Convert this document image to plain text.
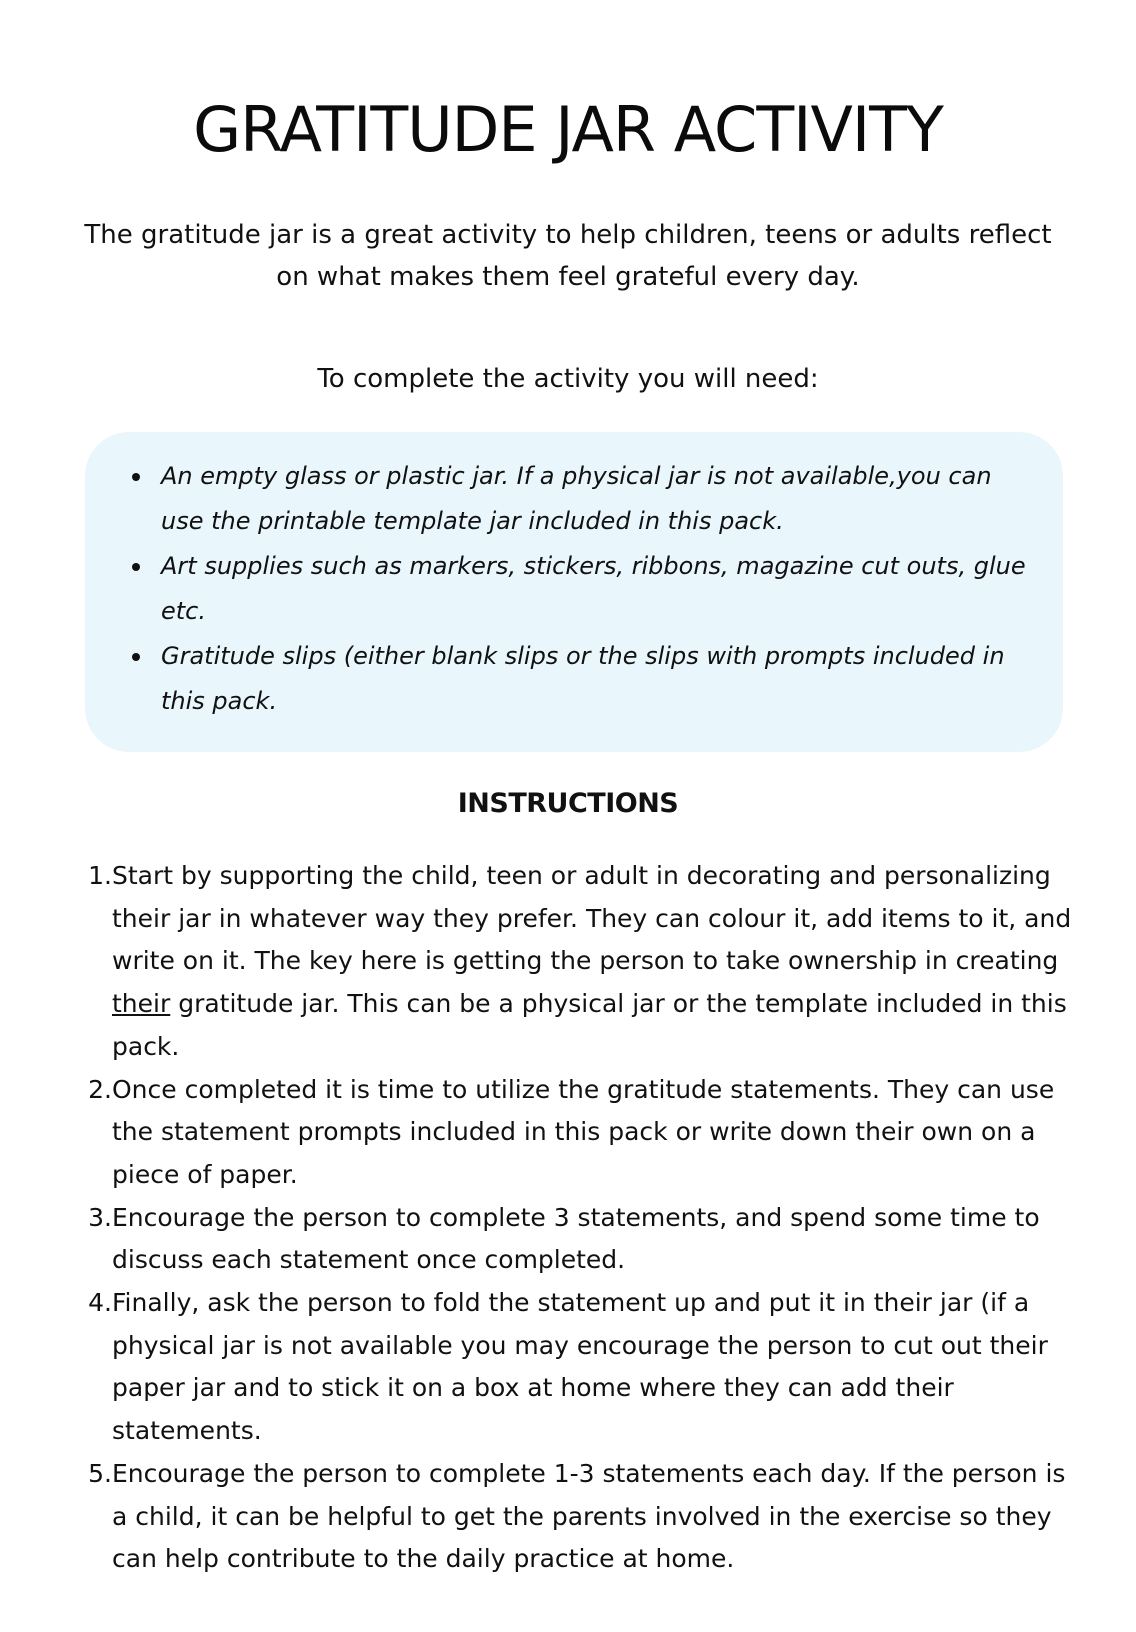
GRATITUDE JAR ACTIVITY

The gratitude jar is a great activity to help children, teens or adults reflect on what makes them feel grateful every day.

To complete the activity you will need:

An empty glass or plastic jar. If a physical jar is not available,you can use the printable template jar included in this pack.
Art supplies such as markers, stickers, ribbons, magazine cut outs, glue etc.
Gratitude slips (either blank slips or the slips with prompts included in this pack.
INSTRUCTIONS
1. Start by supporting the child, teen or adult in decorating and personalizing their jar in whatever way they prefer. They can colour it, add items to it, and write on it. The key here is getting the person to take ownership in creating their gratitude jar. This can be a physical jar or the template included in this pack.
2. Once completed it is time to utilize the gratitude statements. They can use the statement prompts included in this pack or write down their own on a piece of paper.
3. Encourage the person to complete 3 statements, and spend some time to discuss each statement once completed.
4. Finally, ask the person to fold the statement up and put it in their jar (if a physical jar is not available you may encourage the person to cut out their paper jar and to stick it on a box at home where they can add their statements.
5. Encourage the person to complete 1-3 statements each day. If the person is a child, it can be helpful to get the parents involved in the exercise so they can help contribute to the daily practice at home.
